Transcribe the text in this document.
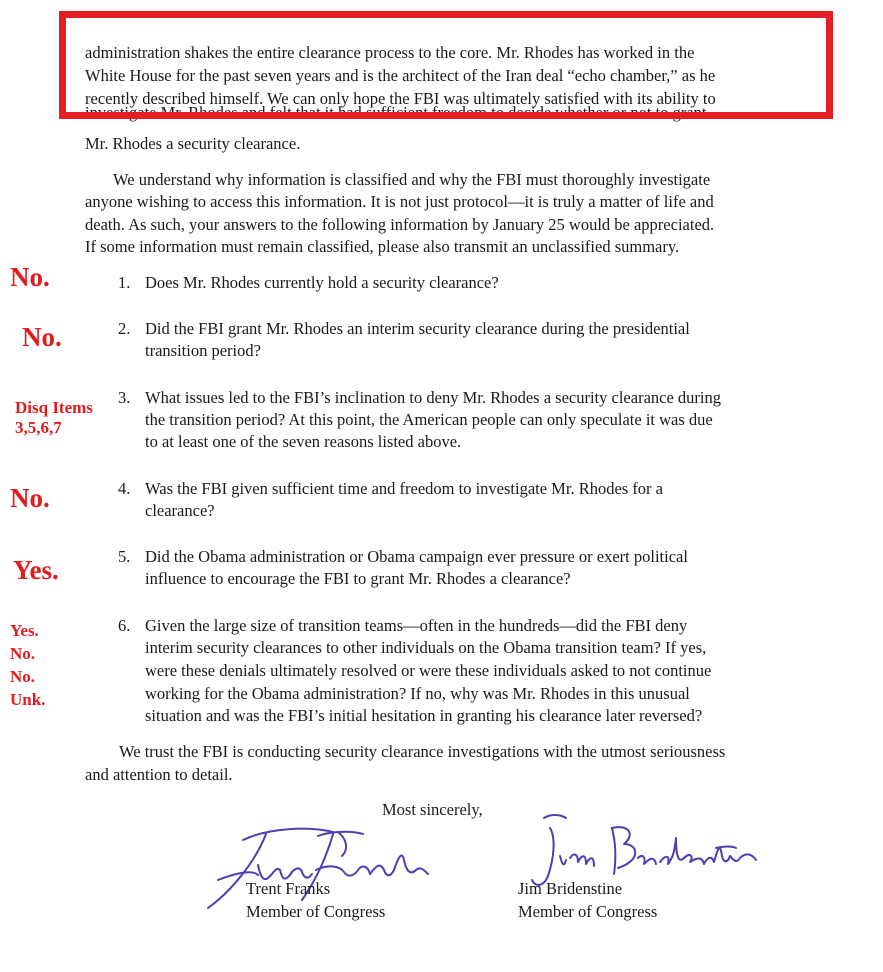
administration shakes the entire clearance process to the core. Mr. Rhodes has worked in the

White House for the past seven years and is the architect of the Iran deal “echo chamber,” as he

recently described himself. We can only hope the FBI was ultimately satisfied with its ability to

investigate Mr. Rhodes and felt that it had sufficient freedom to decide whether or not to grant

Mr. Rhodes a security clearance.

We understand why information is classified and why the FBI must thoroughly investigate

anyone wishing to access this information. It is not just protocol—it is truly a matter of life and

death. As such, your answers to the following information by January 25 would be appreciated.

If some information must remain classified, please also transmit an unclassified summary.

1. Does Mr. Rhodes currently hold a security clearance?

2. Did the FBI grant Mr. Rhodes an interim security clearance during the presidential

transition period?

3. What issues led to the FBI’s inclination to deny Mr. Rhodes a security clearance during

the transition period? At this point, the American people can only speculate it was due

to at least one of the seven reasons listed above.

4. Was the FBI given sufficient time and freedom to investigate Mr. Rhodes for a

clearance?

5. Did the Obama administration or Obama campaign ever pressure or exert political

influence to encourage the FBI to grant Mr. Rhodes a clearance?

6. Given the large size of transition teams—often in the hundreds—did the FBI deny

interim security clearances to other individuals on the Obama transition team? If yes,

were these denials ultimately resolved or were these individuals asked to not continue

working for the Obama administration? If no, why was Mr. Rhodes in this unusual

situation and was the FBI’s initial hesitation in granting his clearance later reversed?

We trust the FBI is conducting security clearance investigations with the utmost seriousness

and attention to detail.

Most sincerely,

Trent Franks

Member of Congress

Jim Bridenstine

Member of Congress

No.

No.

Disq Items

3,5,6,7

No.

Yes.

Yes.

No.

No.

Unk.
